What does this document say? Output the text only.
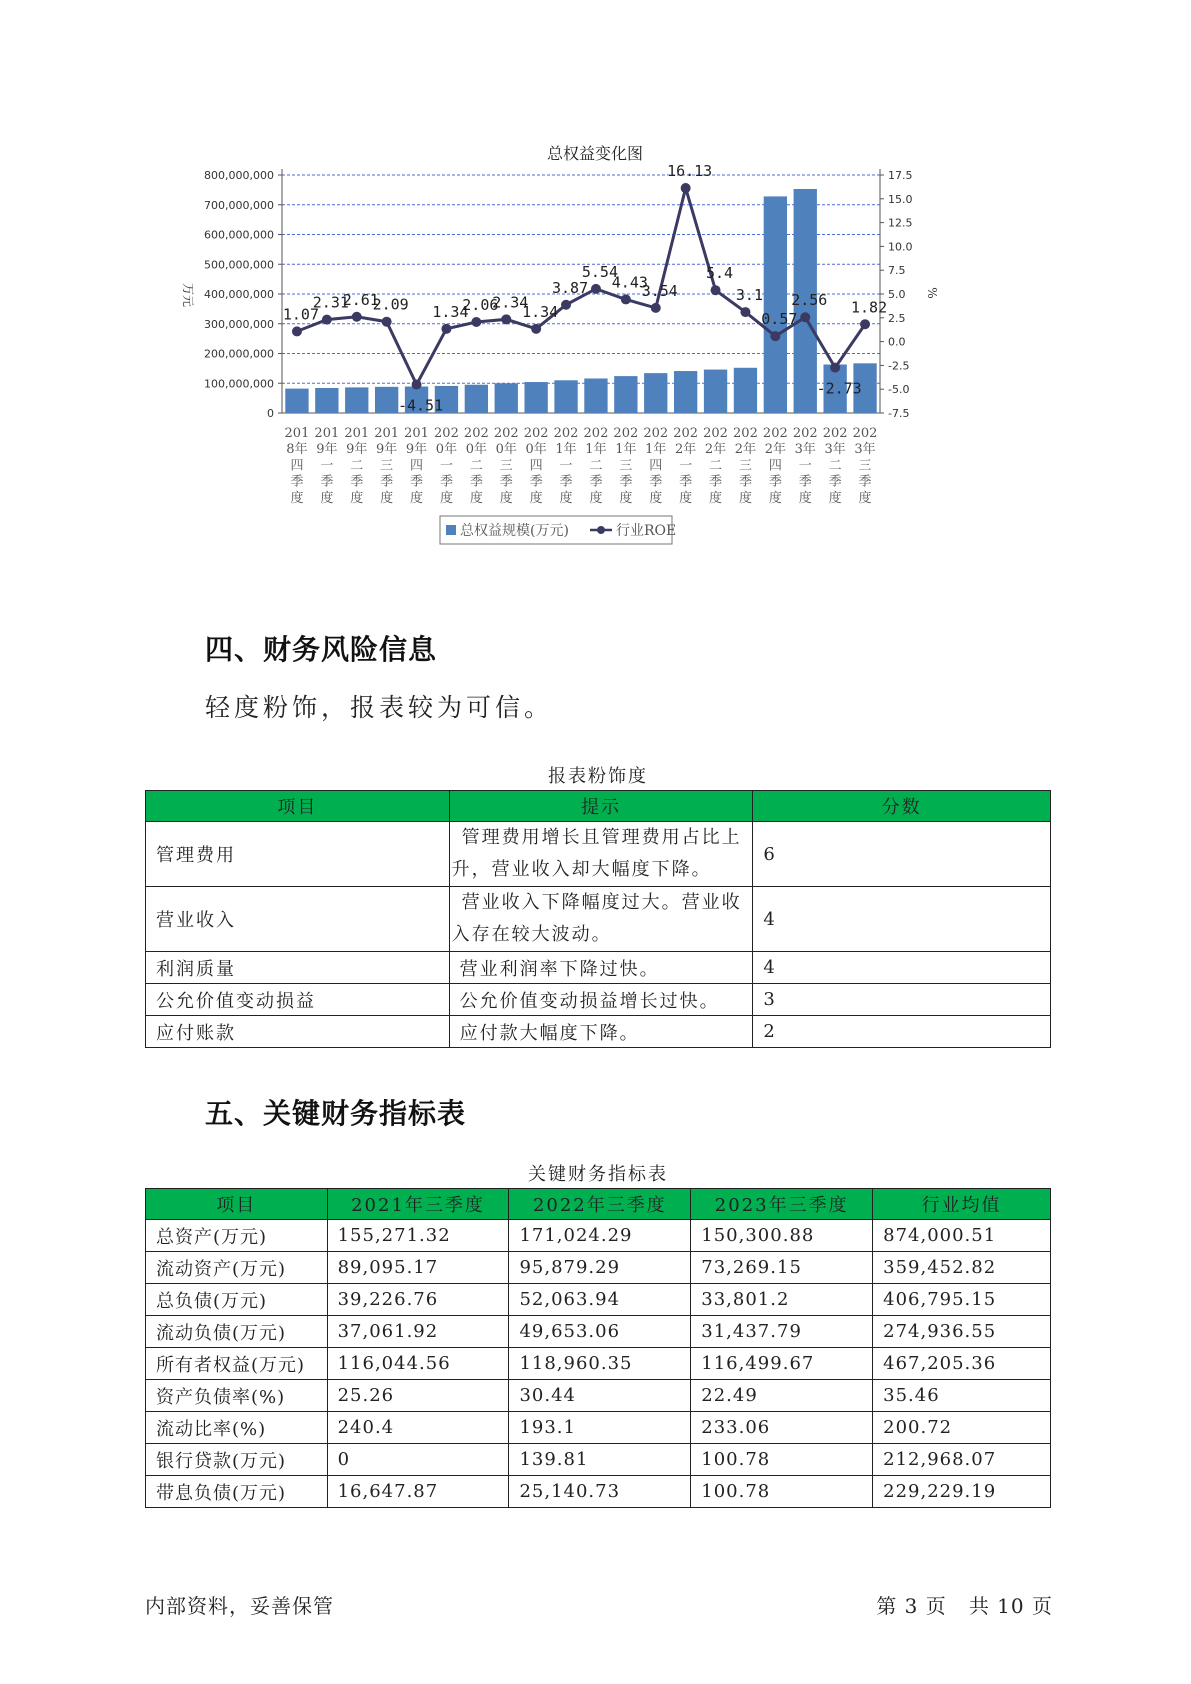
总权益变化图
0
100,000,000
200,000,000
300,000,000
400,000,000
500,000,000
600,000,000
700,000,000
800,000,000
-7.5
-5.0
-2.5
0.0
2.5
5.0
7.5
10.0
12.5
15.0
17.5
万元	%
201 8年四季度
201 9年一季度
201 9年二季度
201 9年三季度
201 9年四季度
202 0年一季度
202 0年二季度
202 0年三季度
202 0年四季度
202 1年一季度
202 1年二季度
202 1年三季度
202 1年四季度
202 2年一季度
202 2年二季度
202 2年三季度
202 2年四季度
202 3年一季度
202 3年二季度
202 3年三季度
1.07
2.31
2.61
2.09
-4.51
1.34
2.06
2.34
1.34
3.87
5.54
4.43
3.54
16.13
5.4
3.1
0.57
2.56
-2.73
1.82
总权益规模(万元)	行业ROE
四、财务风险信息

轻度粉饰，报表较为可信。

报表粉饰度

项目	提示	分数
管理费用	管理费用增长且管理费用占比上
升，营业收入却大幅度下降。	6
营业收入	营业收入下降幅度过大。营业收
入存在较大波动。	4
利润质量	营业利润率下降过快。	4
公允价值变动损益	公允价值变动损益增长过快。	3
应付账款	应付款大幅度下降。	2
五、关键财务指标表

关键财务指标表

项目	2021年三季度	2022年三季度	2023年三季度	行业均值
总资产(万元)	155,271.32	171,024.29	150,300.88	874,000.51
流动资产(万元)	89,095.17	95,879.29	73,269.15	359,452.82
总负债(万元)	39,226.76	52,063.94	33,801.2	406,795.15
流动负债(万元)	37,061.92	49,653.06	31,437.79	274,936.55
所有者权益(万元)	116,044.56	118,960.35	116,499.67	467,205.36
资产负债率(%)	25.26	30.44	22.49	35.46
流动比率(%)	240.4	193.1	233.06	200.72
银行贷款(万元)	0	139.81	100.78	212,968.07
带息负债(万元)	16,647.87	25,140.73	100.78	229,229.19

内部资料，妥善保管	第 3 页   共 10 页
